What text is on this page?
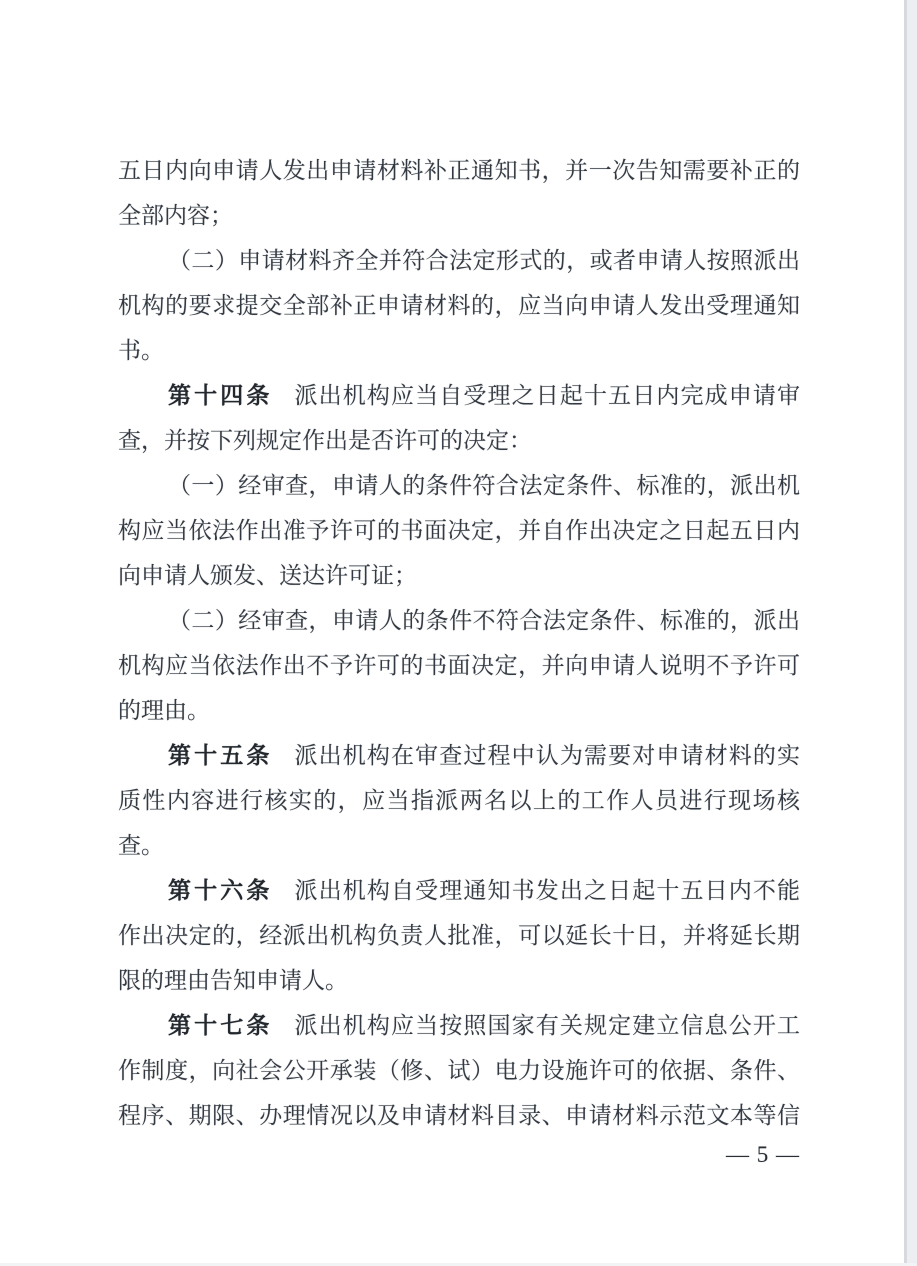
五日内向申请人发出申请材料补正通知书，并一次告知需要补正的
全部内容；
（二）申请材料齐全并符合法定形式的，或者申请人按照派出
机构的要求提交全部补正申请材料的，应当向申请人发出受理通知
书。
第十四条 派出机构应当自受理之日起十五日内完成申请审
查，并按下列规定作出是否许可的决定：
（一）经审查，申请人的条件符合法定条件、标准的，派出机
构应当依法作出准予许可的书面决定，并自作出决定之日起五日内
向申请人颁发、送达许可证；
（二）经审查，申请人的条件不符合法定条件、标准的，派出
机构应当依法作出不予许可的书面决定，并向申请人说明不予许可
的理由。
第十五条 派出机构在审查过程中认为需要对申请材料的实
质性内容进行核实的，应当指派两名以上的工作人员进行现场核
查。
第十六条 派出机构自受理通知书发出之日起十五日内不能
作出决定的，经派出机构负责人批准，可以延长十日，并将延长期
限的理由告知申请人。
第十七条 派出机构应当按照国家有关规定建立信息公开工
作制度，向社会公开承装（修、试）电力设施许可的依据、条件、
程序、期限、办理情况以及申请材料目录、申请材料示范文本等信
— 5 —
